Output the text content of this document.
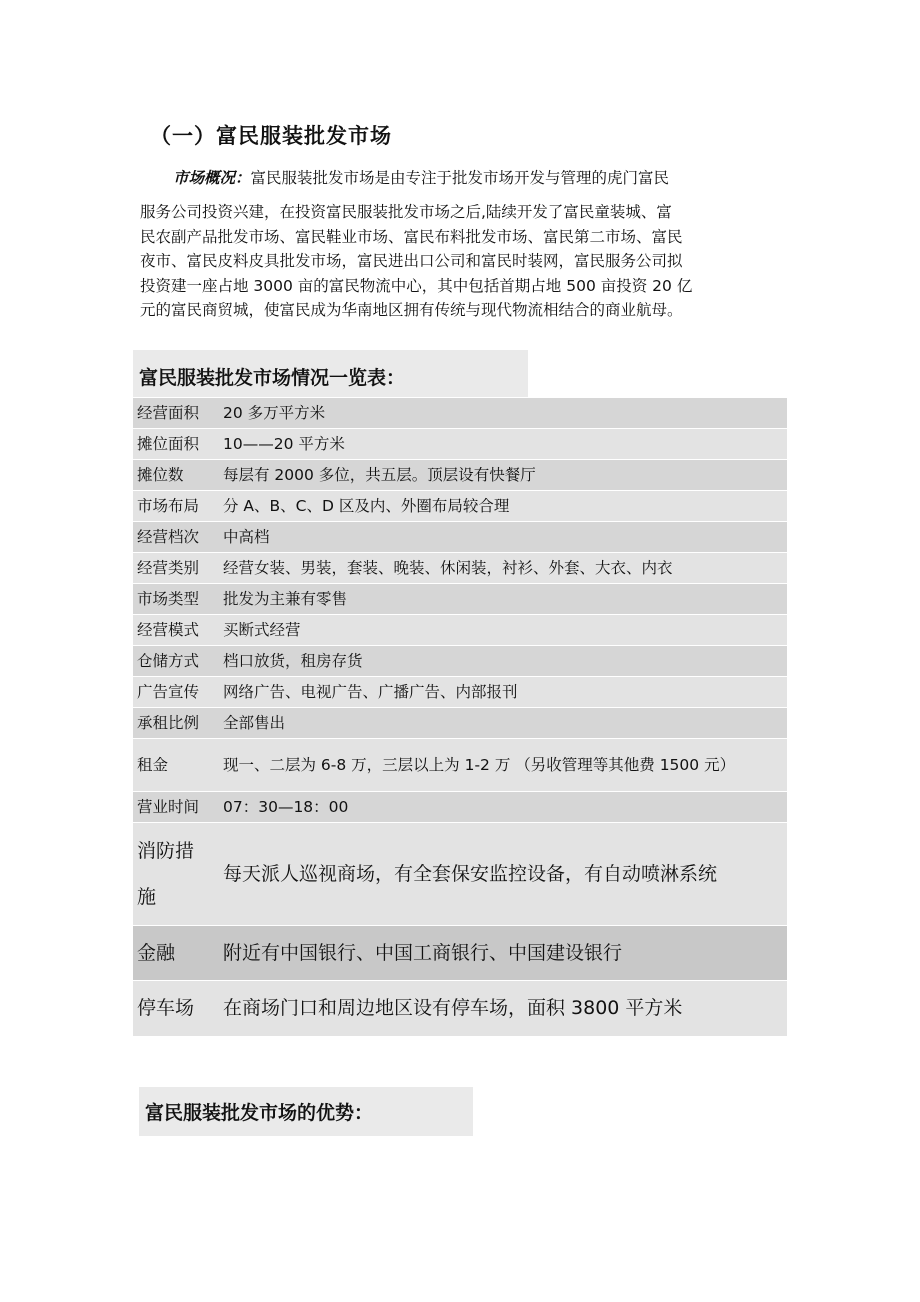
（一）富民服装批发市场
市场概况：富民服装批发市场是由专注于批发市场开发与管理的虎门富民
服务公司投资兴建，在投资富民服装批发市场之后,陆续开发了富民童装城、富
民农副产品批发市场、富民鞋业市场、富民布料批发市场、富民第二市场、富民
夜市、富民皮料皮具批发市场，富民进出口公司和富民时装网，富民服务公司拟
投资建一座占地 3000 亩的富民物流中心，其中包括首期占地 500 亩投资 20 亿
元的富民商贸城，使富民成为华南地区拥有传统与现代物流相结合的商业航母。
富民服装批发市场情况一览表：
经营面积	20 多万平方米
摊位面积	10——20 平方米
摊位数	每层有 2000 多位，共五层。顶层设有快餐厅
市场布局	分 A、B、C、D 区及内、外圈布局较合理
经营档次	中高档
经营类别	经营女装、男装，套装、晚装、休闲装，衬衫、外套、大衣、内衣
市场类型	批发为主兼有零售
经营模式	买断式经营
仓储方式	档口放货，租房存货
广告宣传	网络广告、电视广告、广播广告、内部报刊
承租比例	全部售出
租金	现一、二层为 6-8 万，三层以上为 1-2 万 （另收管理等其他费 1500 元）
营业时间	07：30—18：00
消防措
施	每天派人巡视商场，有全套保安监控设备，有自动喷淋系统
金融	附近有中国银行、中国工商银行、中国建设银行
停车场	在商场门口和周边地区设有停车场，面积 3800 平方米
富民服装批发市场的优势：
